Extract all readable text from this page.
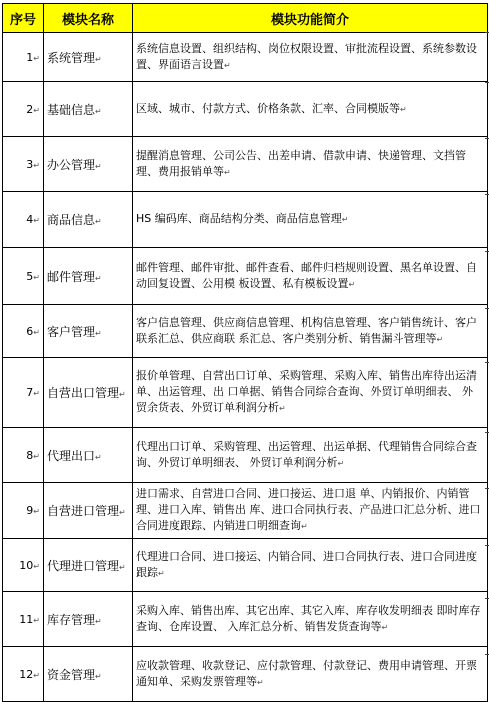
序号	模块名称	模块功能简介
1↵	系统管理↵	系统信息设置、组织结构、岗位权限设置、审批流程设置、系统参数设置、界面语言设置↵
2↵	基础信息↵	区域、城市、付款方式、价格条款、汇率、合同模版等↵
3↵	办公管理↵	提醒消息管理、公司公告、出差申请、借款申请、快递管理、文挡管理、费用报销单等↵
4↵	商品信息↵	HS 编码库、商品结构分类、商品信息管理↵
5↵	邮件管理↵	邮件管理、邮件审批、邮件查看、邮件归档规则设置、黑名单设置、自动回复设置、公用模 板设置、私有模板设置↵
6↵	客户管理↵	客户信息管理、供应商信息管理、机构信息管理、客户销售统计、客户联系汇总、供应商联 系汇总、客户类别分析、销售漏斗管理等↵
7↵	自营出口管理↵	报价单管理、自营出口订单、采购管理、采购入库、销售出库待出运清单、出运管理、出 口单据、销售合同综合查询、外贸订单明细表、 外贸余货表、外贸订单利润分析↵
8↵	代理出口↵	代理出口订单、采购管理、出运管理、出运单据、代理销售合同综合查询、外贸订单明细表、 外贸订单利润分析↵
9↵	自营进口管理↵	进口需求、自营进口合同、进口接运、进口退 单、内销报价、内销管理、进口入库、销售出 库、进口合同执行表、产品进口汇总分析、进口合同进度跟踪、内销进口明细查询↵
10↵	代理进口管理↵	代理进口合同、进口接运、内销合同、进口合同执行表、进口合同进度跟踪↵
11↵	库存管理↵	采购入库、销售出库、其它出库、其它入库、库存收发明细表 即时库存查询、仓库设置、 入库汇总分析、销售发货查询等↵
12↵	资金管理↵	应收款管理、收款登记、应付款管理、付款登记、费用申请管理、开票通知单、采购发票管理等↵
